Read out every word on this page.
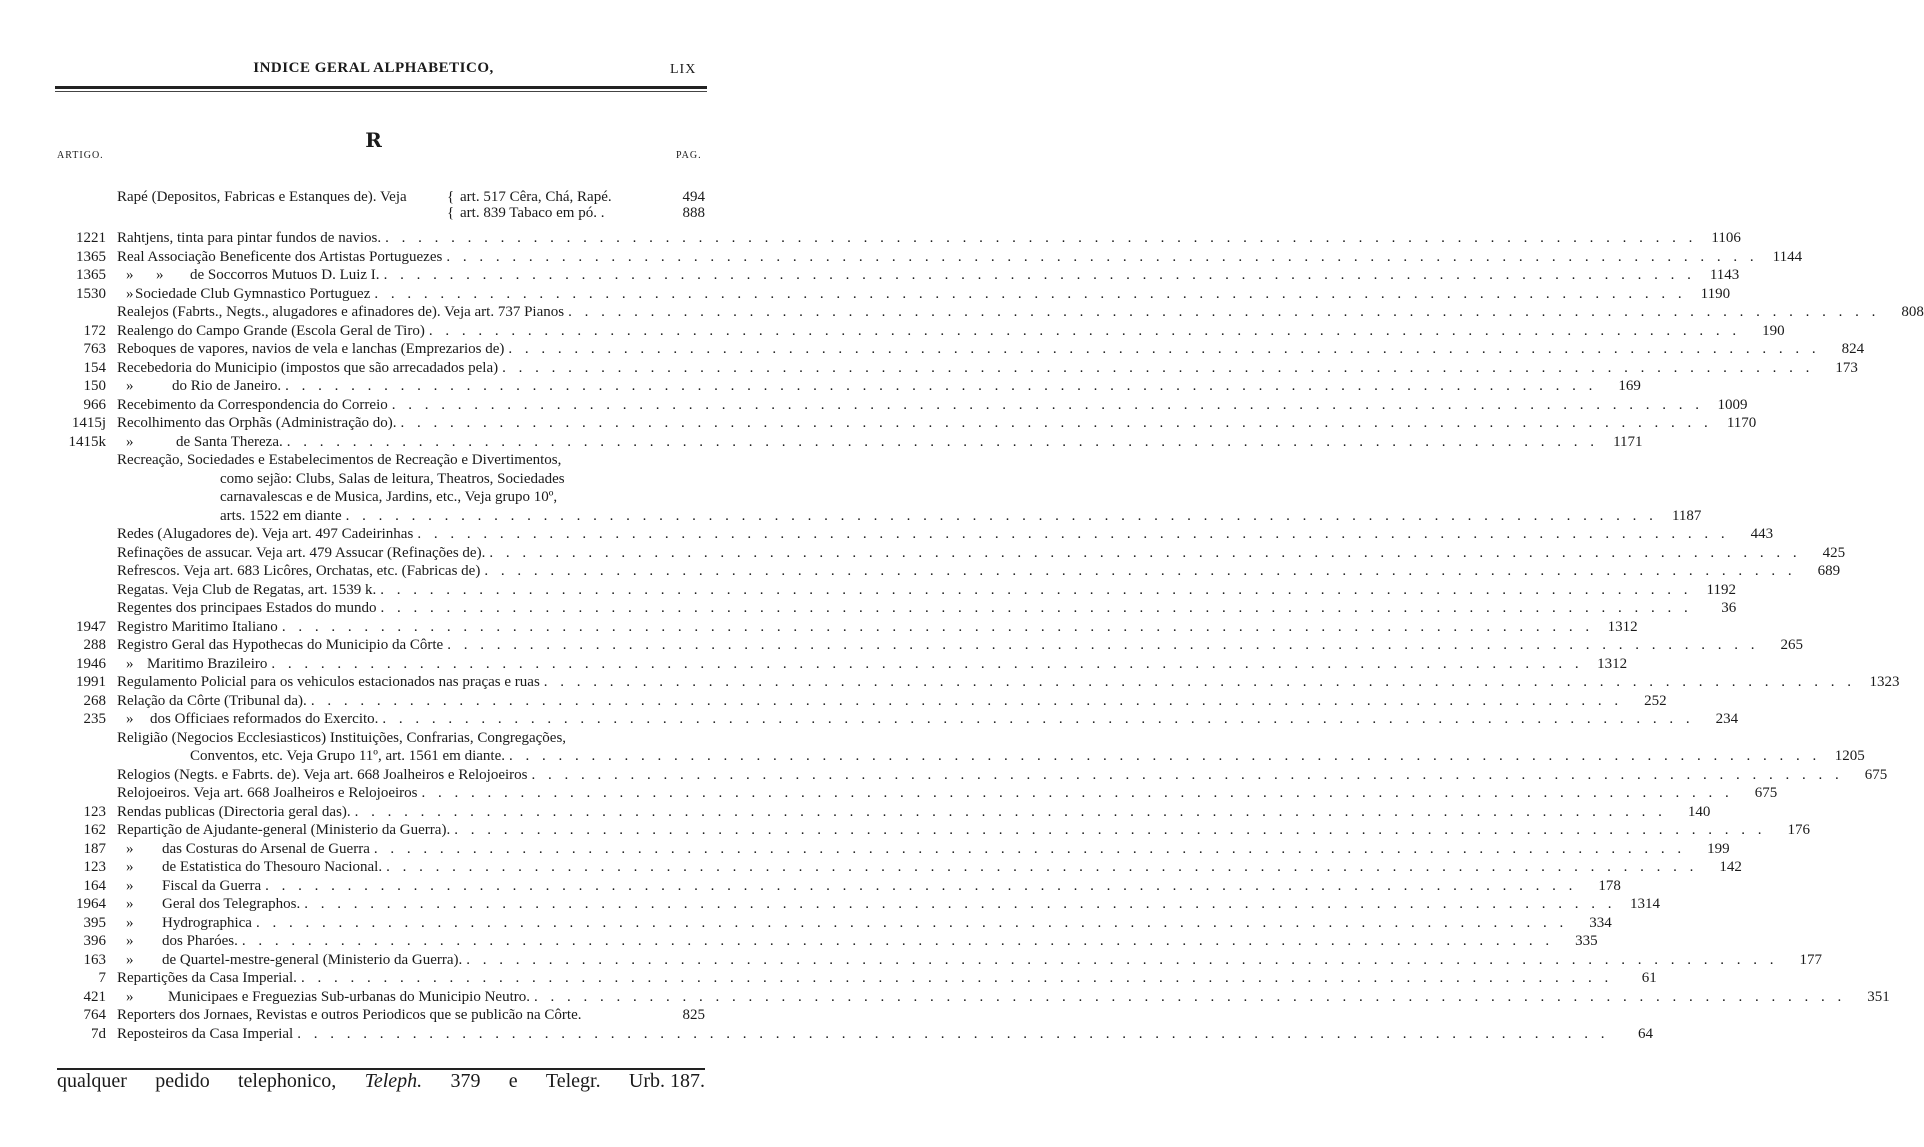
INDICE GERAL ALPHABETICO,	LIX
R
ARTIGO.	PAG.
Rapé (Depositos, Fabricas e Estanques de). Veja	{ art. 517 Cêra, Chá, Rapé.	494
{ art. 839 Tabaco em pó. .	888
1221 Rahtjens, tinta para pintar fundos de navios. . . . . . . . . . . . . . . . . . . . . . . . . . . . . . . . . . . . . . . . . . . . . . . . . . . . . . . . . . . . . . . . . . . . . . . . . . . . . . . . . 1106
1365 Real Associação Beneficente dos Artistas Portuguezes . . . . . . . . . . . . . . . . . . . . . . . . . . . . . . . . . . . . . . . . . . . . . . . . . . . . . . . . . . . . . . . . . . . . . . . . . . . . . . . . 1144
1365 »      » de Soccorros Mutuos D. Luiz I. . . . . . . . . . . . . . . . . . . . . . . . . . . . . . . . . . . . . . . . . . . . . . . . . . . . . . . . . . . . . . . . . . . . . . . . . . . . . . . . . 1143
1530 » Sociedade Club Gymnastico Portuguez . . . . . . . . . . . . . . . . . . . . . . . . . . . . . . . . . . . . . . . . . . . . . . . . . . . . . . . . . . . . . . . . . . . . . . . . . . . . . . . . 1190
Realejos (Fabrts., Negts., alugadores e afinadores de). Veja art. 737 Pianos . . . . . . . . . . . . . . . . . . . . . . . . . . . . . . . . . . . . . . . . . . . . . . . . . . . . . . . . . . . . . . . . . . . . . . . . . . . . . . . .	808
172 Realengo do Campo Grande (Escola Geral de Tiro) . . . . . . . . . . . . . . . . . . . . . . . . . . . . . . . . . . . . . . . . . . . . . . . . . . . . . . . . . . . . . . . . . . . . . . . . . . . . . . . .	190
763 Reboques de vapores, navios de vela e lanchas (Emprezarios de) . . . . . . . . . . . . . . . . . . . . . . . . . . . . . . . . . . . . . . . . . . . . . . . . . . . . . . . . . . . . . . . . . . . . . . . . . . . . . . . .	824
154 Recebedoria do Municipio (impostos que são arrecadados pela) . . . . . . . . . . . . . . . . . . . . . . . . . . . . . . . . . . . . . . . . . . . . . . . . . . . . . . . . . . . . . . . . . . . . . . . . . . . . . . . .	173
150 »	do Rio de Janeiro. . . . . . . . . . . . . . . . . . . . . . . . . . . . . . . . . . . . . . . . . . . . . . . . . . . . . . . . . . . . . . . . . . . . . . . . . . . . . . . . .	169
966 Recebimento da Correspondencia do Correio . . . . . . . . . . . . . . . . . . . . . . . . . . . . . . . . . . . . . . . . . . . . . . . . . . . . . . . . . . . . . . . . . . . . . . . . . . . . . . . . 1009
1415j Recolhimento das Orphãs (Administração do). . . . . . . . . . . . . . . . . . . . . . . . . . . . . . . . . . . . . . . . . . . . . . . . . . . . . . . . . . . . . . . . . . . . . . . . . . . . . . . . . 1170
1415k »	de Santa Thereza. . . . . . . . . . . . . . . . . . . . . . . . . . . . . . . . . . . . . . . . . . . . . . . . . . . . . . . . . . . . . . . . . . . . . . . . . . . . . . . . . 1171
Recreação, Sociedades e Estabelecimentos de Recreação e Divertimentos,
como sejão: Clubs, Salas de leitura, Theatros, Sociedades
carnavalescas e de Musica, Jardins, etc., Veja grupo 10º,
arts. 1522 em diante . . . . . . . . . . . . . . . . . . . . . . . . . . . . . . . . . . . . . . . . . . . . . . . . . . . . . . . . . . . . . . . . . . . . . . . . . . . . . . . . 1187
Redes (Alugadores de). Veja art. 497 Cadeirinhas . . . . . . . . . . . . . . . . . . . . . . . . . . . . . . . . . . . . . . . . . . . . . . . . . . . . . . . . . . . . . . . . . . . . . . . . . . . . . . . .	443
Refinações de assucar. Veja art. 479 Assucar (Refinações de). . . . . . . . . . . . . . . . . . . . . . . . . . . . . . . . . . . . . . . . . . . . . . . . . . . . . . . . . . . . . . . . . . . . . . . . . . . . . . . . .	425
Refrescos. Veja art. 683 Licôres, Orchatas, etc. (Fabricas de) . . . . . . . . . . . . . . . . . . . . . . . . . . . . . . . . . . . . . . . . . . . . . . . . . . . . . . . . . . . . . . . . . . . . . . . . . . . . . . . .	689
Regatas. Veja Club de Regatas, art. 1539 k. . . . . . . . . . . . . . . . . . . . . . . . . . . . . . . . . . . . . . . . . . . . . . . . . . . . . . . . . . . . . . . . . . . . . . . . . . . . . . . . . 1192
Regentes dos principaes Estados do mundo . . . . . . . . . . . . . . . . . . . . . . . . . . . . . . . . . . . . . . . . . . . . . . . . . . . . . . . . . . . . . . . . . . . . . . . . . . . . . . . .	36
1947 Registro Maritimo Italiano . . . . . . . . . . . . . . . . . . . . . . . . . . . . . . . . . . . . . . . . . . . . . . . . . . . . . . . . . . . . . . . . . . . . . . . . . . . . . . . . 1312
288 Registro Geral das Hypothecas do Municipio da Côrte . . . . . . . . . . . . . . . . . . . . . . . . . . . . . . . . . . . . . . . . . . . . . . . . . . . . . . . . . . . . . . . . . . . . . . . . . . . . . . . .	265
1946 » Maritimo Brazileiro . . . . . . . . . . . . . . . . . . . . . . . . . . . . . . . . . . . . . . . . . . . . . . . . . . . . . . . . . . . . . . . . . . . . . . . . . . . . . . . . 1312
1991 Regulamento Policial para os vehiculos estacionados nas praças e ruas . . . . . . . . . . . . . . . . . . . . . . . . . . . . . . . . . . . . . . . . . . . . . . . . . . . . . . . . . . . . . . . . . . . . . . . . . . . . . . . . 1323
268 Relação da Côrte (Tribunal da). . . . . . . . . . . . . . . . . . . . . . . . . . . . . . . . . . . . . . . . . . . . . . . . . . . . . . . . . . . . . . . . . . . . . . . . . . . . . . . . .	252
235 » dos Officiaes reformados do Exercito. . . . . . . . . . . . . . . . . . . . . . . . . . . . . . . . . . . . . . . . . . . . . . . . . . . . . . . . . . . . . . . . . . . . . . . . . . . . . . . . .	234
Religião (Negocios Ecclesiasticos) Instituições, Confrarias, Congregações,
Conventos, etc. Veja Grupo 11º, art. 1561 em diante. . . . . . . . . . . . . . . . . . . . . . . . . . . . . . . . . . . . . . . . . . . . . . . . . . . . . . . . . . . . . . . . . . . . . . . . . . . . . . . . . 1205
Relogios (Negts. e Fabrts. de). Veja art. 668 Joalheiros e Relojoeiros . . . . . . . . . . . . . . . . . . . . . . . . . . . . . . . . . . . . . . . . . . . . . . . . . . . . . . . . . . . . . . . . . . . . . . . . . . . . . . . .	675
Relojoeiros. Veja art. 668 Joalheiros e Relojoeiros . . . . . . . . . . . . . . . . . . . . . . . . . . . . . . . . . . . . . . . . . . . . . . . . . . . . . . . . . . . . . . . . . . . . . . . . . . . . . . . .	675
123 Rendas publicas (Directoria geral das). . . . . . . . . . . . . . . . . . . . . . . . . . . . . . . . . . . . . . . . . . . . . . . . . . . . . . . . . . . . . . . . . . . . . . . . . . . . . . . . .	140
162 Repartição de Ajudante-general (Ministerio da Guerra). . . . . . . . . . . . . . . . . . . . . . . . . . . . . . . . . . . . . . . . . . . . . . . . . . . . . . . . . . . . . . . . . . . . . . . . . . . . . . . . .	176
187 » das Costuras do Arsenal de Guerra . . . . . . . . . . . . . . . . . . . . . . . . . . . . . . . . . . . . . . . . . . . . . . . . . . . . . . . . . . . . . . . . . . . . . . . . . . . . . . . .	199
123 » de Estatistica do Thesouro Nacional. . . . . . . . . . . . . . . . . . . . . . . . . . . . . . . . . . . . . . . . . . . . . . . . . . . . . . . . . . . . . . . . . . . . . . . . . . . . . . . . .	142
164 » Fiscal da Guerra . . . . . . . . . . . . . . . . . . . . . . . . . . . . . . . . . . . . . . . . . . . . . . . . . . . . . . . . . . . . . . . . . . . . . . . . . . . . . . . .	178
1964 » Geral dos Telegraphos. . . . . . . . . . . . . . . . . . . . . . . . . . . . . . . . . . . . . . . . . . . . . . . . . . . . . . . . . . . . . . . . . . . . . . . . . . . . . . . . . 1314
395 » Hydrographica . . . . . . . . . . . . . . . . . . . . . . . . . . . . . . . . . . . . . . . . . . . . . . . . . . . . . . . . . . . . . . . . . . . . . . . . . . . . . . . .	334
396 » dos Pharóes. . . . . . . . . . . . . . . . . . . . . . . . . . . . . . . . . . . . . . . . . . . . . . . . . . . . . . . . . . . . . . . . . . . . . . . . . . . . . . . . .	335
163 » de Quartel-mestre-general (Ministerio da Guerra). . . . . . . . . . . . . . . . . . . . . . . . . . . . . . . . . . . . . . . . . . . . . . . . . . . . . . . . . . . . . . . . . . . . . . . . . . . . . . . . .	177
7 Repartições da Casa Imperial. . . . . . . . . . . . . . . . . . . . . . . . . . . . . . . . . . . . . . . . . . . . . . . . . . . . . . . . . . . . . . . . . . . . . . . . . . . . . . . . .	61
421 » Municipaes e Freguezias Sub-urbanas do Municipio Neutro. . . . . . . . . . . . . . . . . . . . . . . . . . . . . . . . . . . . . . . . . . . . . . . . . . . . . . . . . . . . . . . . . . . . . . . . . . . . . . . . .	351
764 Reporters dos Jornaes, Revistas e outros Periodicos que se publicão na Côrte.	825
7d Reposteiros da Casa Imperial . . . . . . . . . . . . . . . . . . . . . . . . . . . . . . . . . . . . . . . . . . . . . . . . . . . . . . . . . . . . . . . . . . . . . . . . . . . . . . . .	64
qualquer pedido telephonico, Teleph. 379 e Telegr. Urb. 187.
